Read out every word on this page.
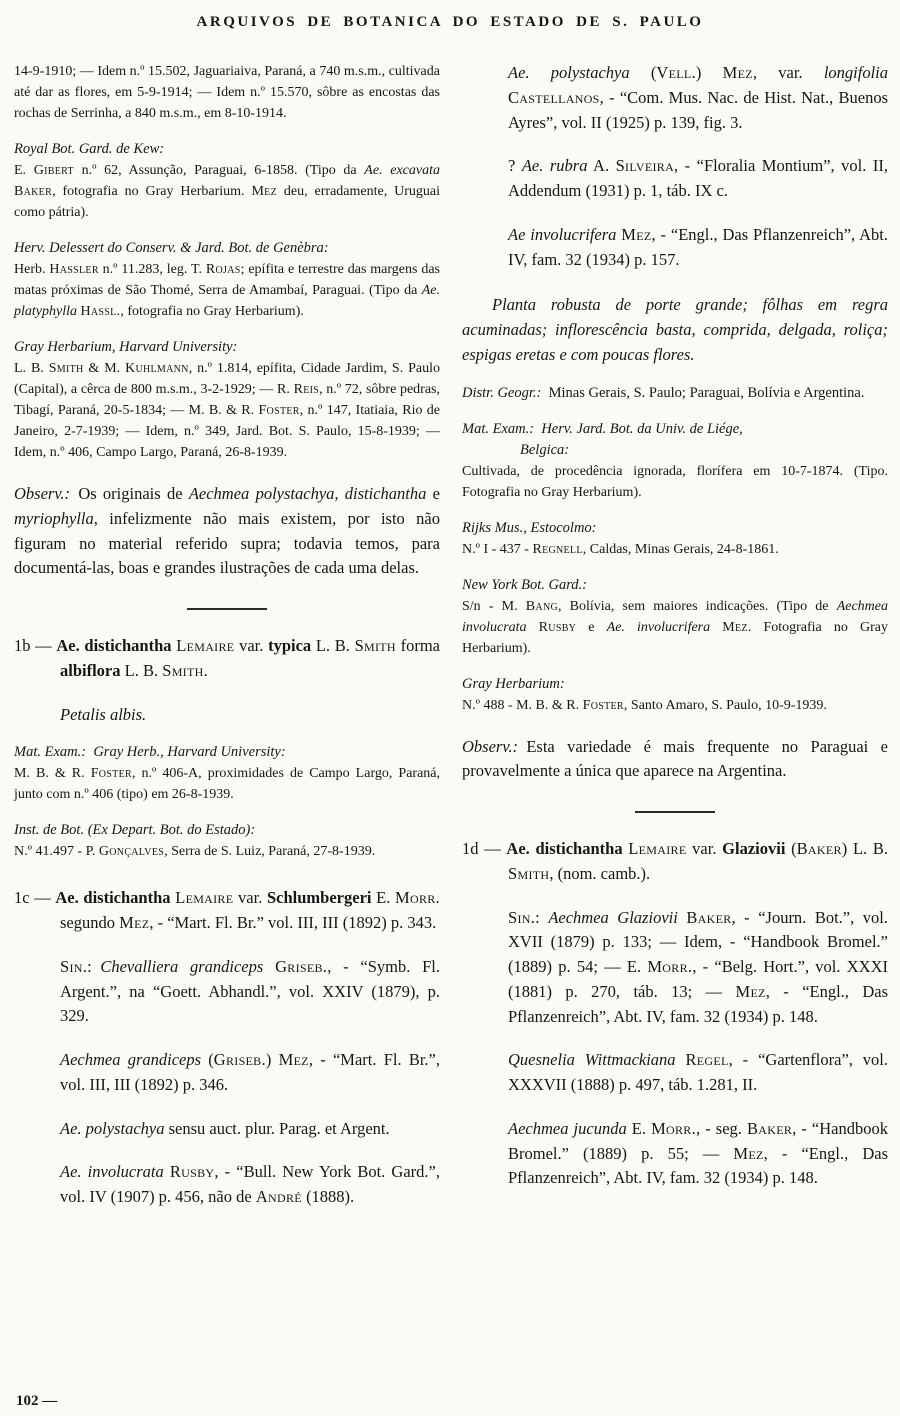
ARQUIVOS DE BOTANICA DO ESTADO DE S. PAULO
14-9-1910; — Idem n.º 15.502, Jaguariaiva, Paraná, a 740 m.s.m., cultivada até dar as flores, em 5-9-1914; — Idem n.º 15.570, sôbre as encostas das rochas de Serrinha, a 840 m.s.m., em 8-10-1914.
Royal Bot. Gard. de Kew:
E. Gibert n.º 62, Assunção, Paraguai, 6-1858. (Tipo da Ae. excavata Baker, fotografia no Gray Herbarium. Mez deu, erradamente, Uruguai como pátria).
Herv. Delessert do Conserv. & Jard. Bot. de Genèbra:
Herb. Hassler n.º 11.283, leg. T. Rojas; epífita e terrestre das margens das matas próximas de São Thomé, Serra de Amambaí, Paraguai. (Tipo da Ae. platyphylla Hassl., fotografia no Gray Herbarium).
Gray Herbarium, Harvard University:
L. B. Smith & M. Kuhlmann, n.º 1.814, epífita, Cidade Jardim, S. Paulo (Capital), a cêrca de 800 m.s.m., 3-2-1929; — R. Reis, n.º 72, sôbre pedras, Tibagí, Paraná, 20-5-1834; — M. B. & R. Foster, n.º 147, Itatiaia, Rio de Janeiro, 2-7-1939; — Idem, n.º 349, Jard. Bot. S. Paulo, 15-8-1939; — Idem, n.º 406, Campo Largo, Paraná, 26-8-1939.
Observ.: Os originais de Aechmea polystachya, distichantha e myriophylla, infelizmente não mais existem, por isto não figuram no material referido supra; todavia temos, para documentá-las, boas e grandes ilustrações de cada uma delas.
1b — Ae. distichantha Lemaire var. typica L. B. Smith forma albiflora L. B. Smith.
Petalis albis.
Mat. Exam.: Gray Herb., Harvard University:
M. B. & R. Foster, n.º 406-A, proximidades de Campo Largo, Paraná, junto com n.º 406 (tipo) em 26-8-1939.
Inst. de Bot. (Ex Depart. Bot. do Estado):
N.º 41.497 - P. Gonçalves, Serra de S. Luiz, Paraná, 27-8-1939.
1c — Ae. distichantha Lemaire var. Schlumbergeri E. Morr. segundo Mez, - “Mart. Fl. Br.” vol. III, III (1892) p. 343.
Sin.:  Chevalliera grandiceps Griseb., - “Symb. Fl. Argent.”, na “Goett. Abhandl.”, vol. XXIV (1879), p. 329.
Aechmea grandiceps (Griseb.) Mez, - “Mart. Fl. Br.”, vol. III, III (1892) p. 346.
Ae. polystachya sensu auct. plur. Parag. et Argent.
Ae. involucrata Rusby, - “Bull. New York Bot. Gard.”, vol. IV (1907) p. 456, não de André (1888).
Ae. polystachya (Vell.) Mez, var. longifolia Castellanos, - “Com. Mus. Nac. de Hist. Nat., Buenos Ayres”, vol. II (1925) p. 139, fig. 3.
? Ae. rubra A. Silveira, - “Floralia Montium”, vol. II, Addendum (1931) p. 1, táb. IX c.
Ae involucrifera Mez, - “Engl., Das Pflanzenreich”, Abt. IV, fam. 32 (1934) p. 157.
Planta robusta de porte grande; fôlhas em regra acuminadas; inflorescência basta, comprida, delgada, roliça; espigas eretas e com poucas flores.
Distr. Geogr.: Minas Gerais, S. Paulo; Paraguai, Bolívia e Argentina.
Mat. Exam.: Herv. Jard. Bot. da Univ. de Liége,
Belgica:
Cultivada, de procedência ignorada, florífera em 10-7-1874. (Tipo. Fotografia no Gray Herbarium).
Rijks Mus., Estocolmo:
N.º I - 437 - Regnell, Caldas, Minas Gerais, 24-8-1861.
New York Bot. Gard.:
S/n - M. Bang, Bolívia, sem maiores indicações. (Tipo de Aechmea involucrata Rusby e Ae. involucrifera Mez. Fotografia no Gray Herbarium).
Gray Herbarium:
N.º 488 - M. B. & R. Foster, Santo Amaro, S. Paulo, 10-9-1939.
Observ.: Esta variedade é mais frequente no Paraguai e provavelmente a única que aparece na Argentina.
1d — Ae. distichantha Lemaire var. Glaziovii (Baker) L. B. Smith, (nom. camb.).
Sin.:  Aechmea Glaziovii Baker, - “Journ. Bot.”, vol. XVII (1879) p. 133; — Idem, - “Handbook Bromel.” (1889) p. 54; — E. Morr., - “Belg. Hort.”, vol. XXXI (1881) p. 270, táb. 13; — Mez, - “Engl., Das Pflanzenreich”, Abt. IV, fam. 32 (1934) p. 148.
Quesnelia Wittmackiana Regel, - “Gartenflora”, vol. XXXVII (1888) p. 497, táb. 1.281, II.
Aechmea jucunda E. Morr., - seg. Baker, - “Handbook Bromel.” (1889) p. 55; — Mez, - “Engl., Das Pflanzenreich”, Abt. IV, fam. 32 (1934) p. 148.
102 —
